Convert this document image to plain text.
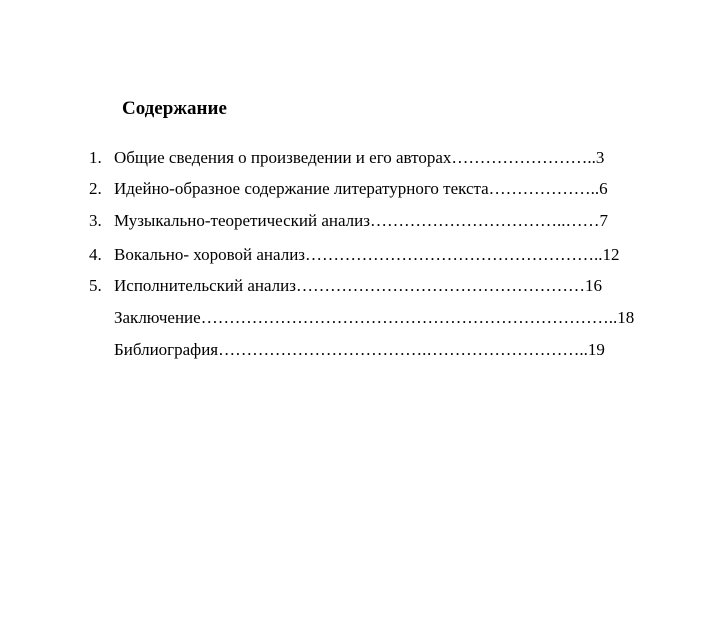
Содержание
1. Общие сведения о произведении и его авторах……………………..3
2. Идейно-образное содержание литературного текста………………..6
3. Музыкально-теоретический анализ……………………………..……7
4. Вокально- хоровой анализ……………………………………………..12
5. Исполнительский анализ……………………………………………16
Заключение………………………………………………………………..18
Библиография……………………………….………………………..19
